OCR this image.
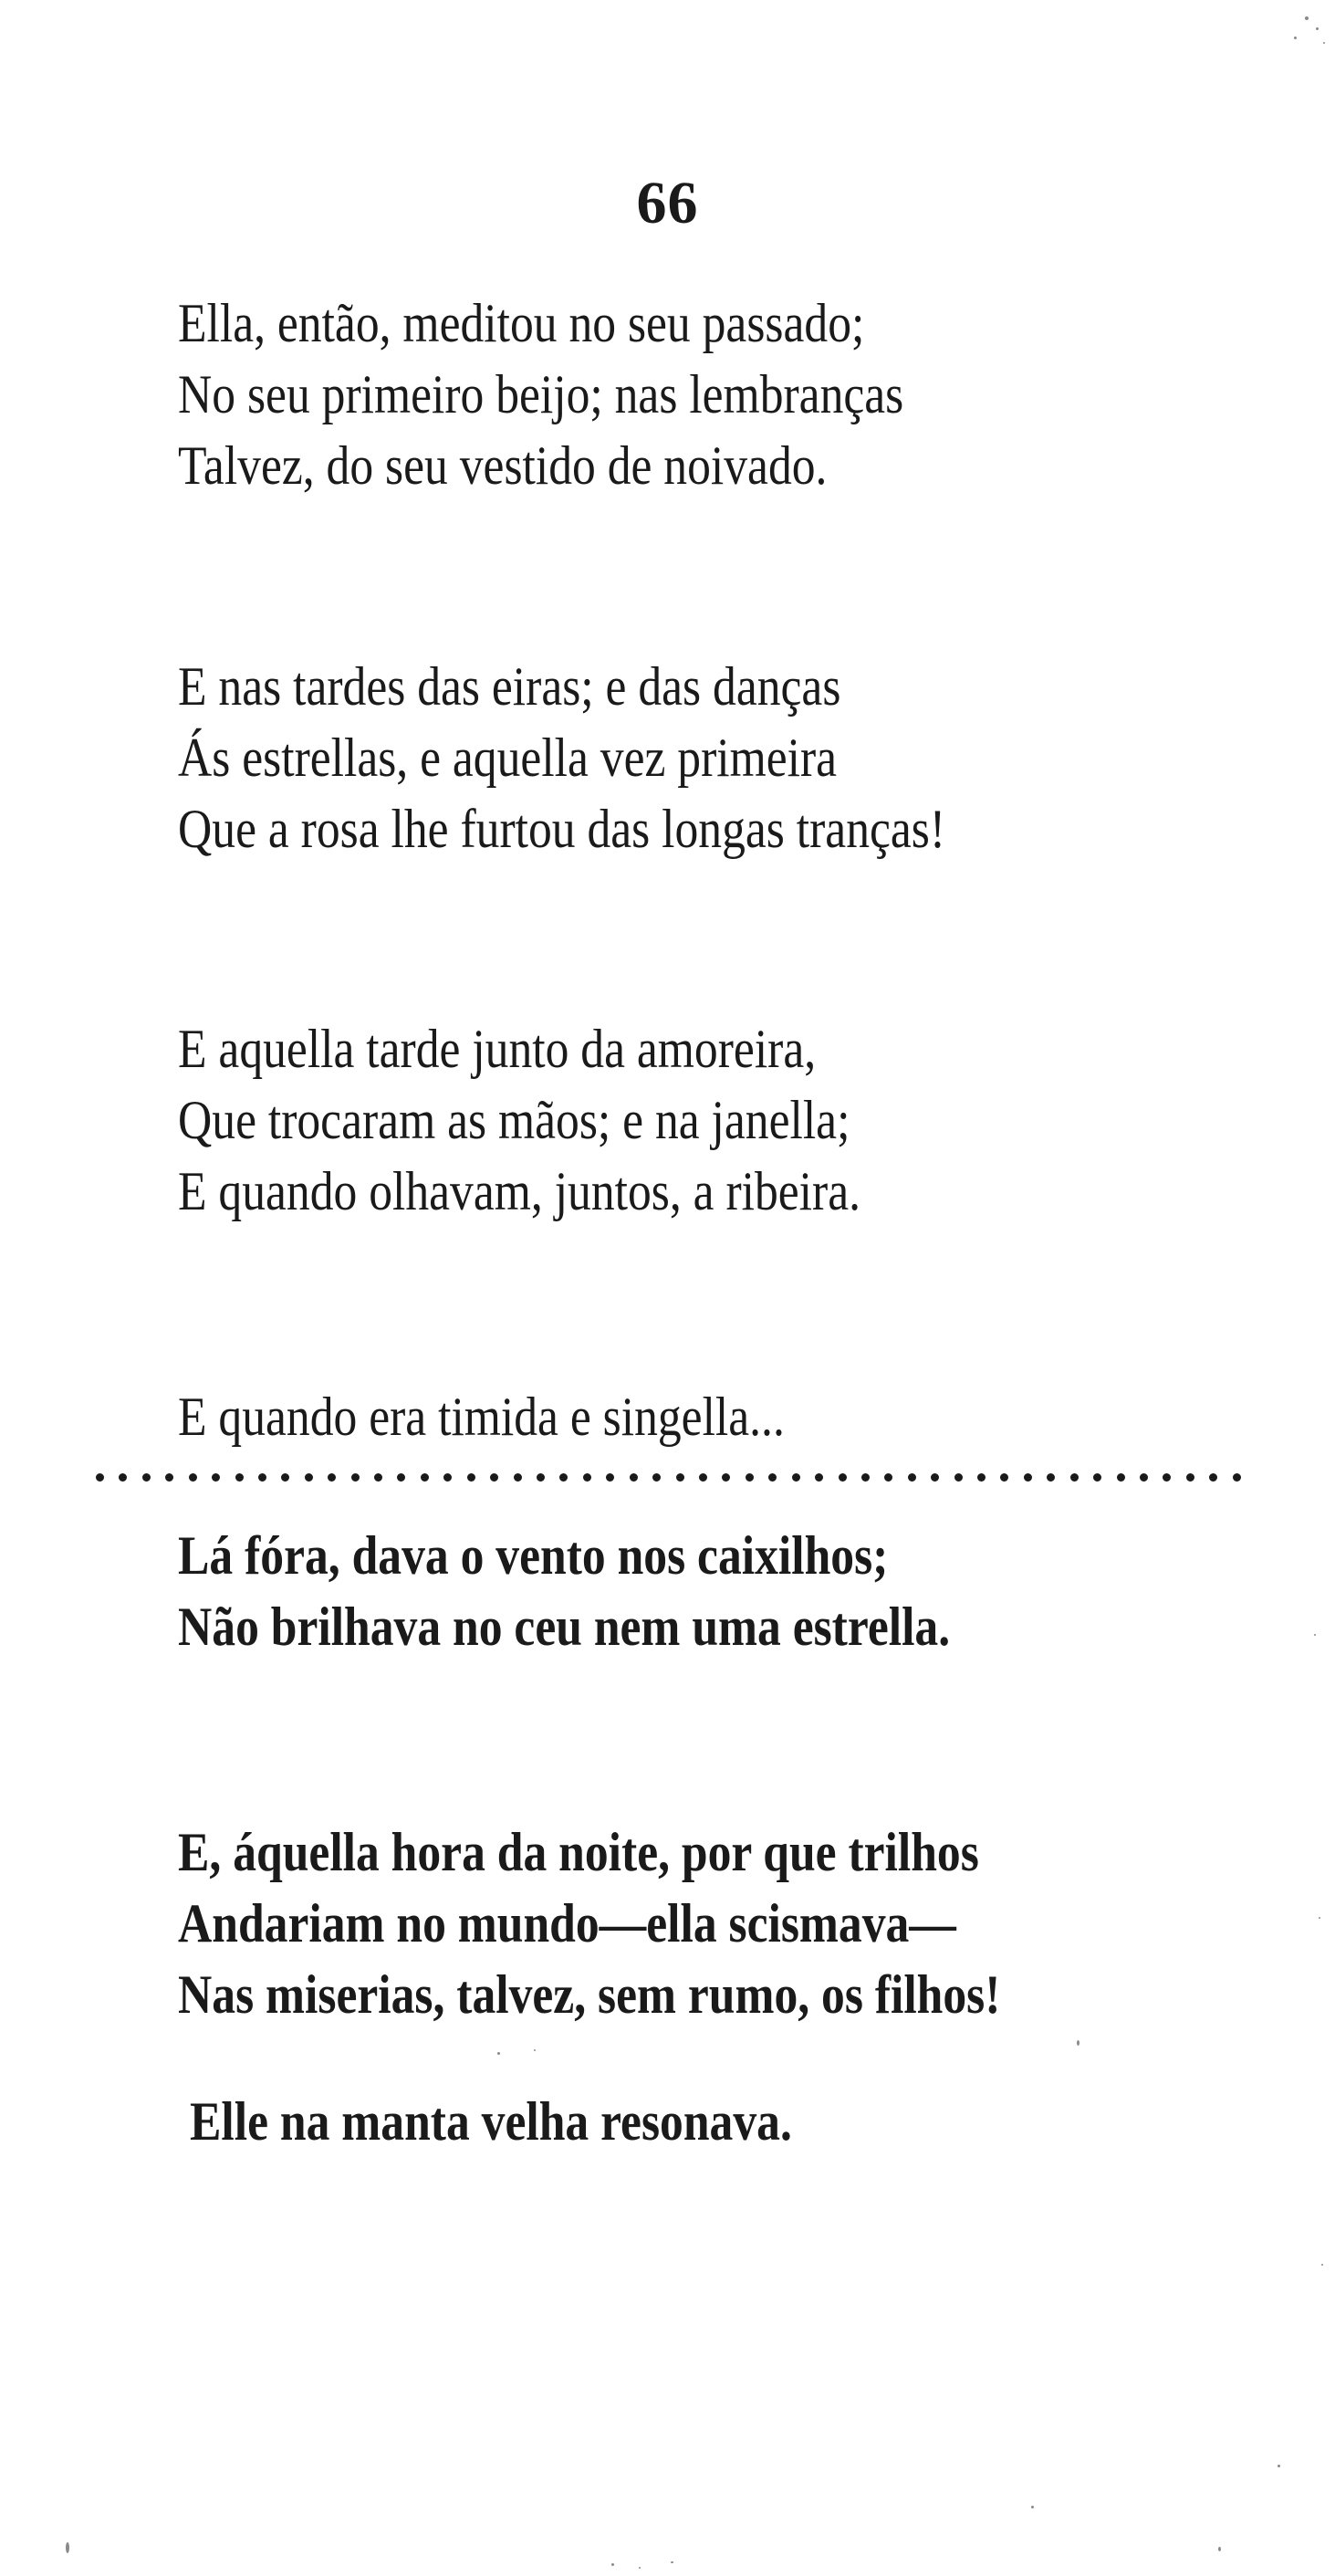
66
Ella, então, meditou no seu passado;
No seu primeiro beijo; nas lembranças
Talvez, do seu vestido de noivado.
E nas tardes das eiras; e das danças
Ás estrellas, e aquella vez primeira
Que a rosa lhe furtou das longas tranças!
E aquella tarde junto da amoreira,
Que trocaram as mãos; e na janella;
E quando olhavam, juntos, a ribeira.
E quando era timida e singella...
Lá fóra, dava o vento nos caixilhos;
Não brilhava no ceu nem uma estrella.
E, áquella hora da noite, por que trilhos
Andariam no mundo—ella scismava—
Nas miserias, talvez, sem rumo, os filhos!
Elle na manta velha resonava.
